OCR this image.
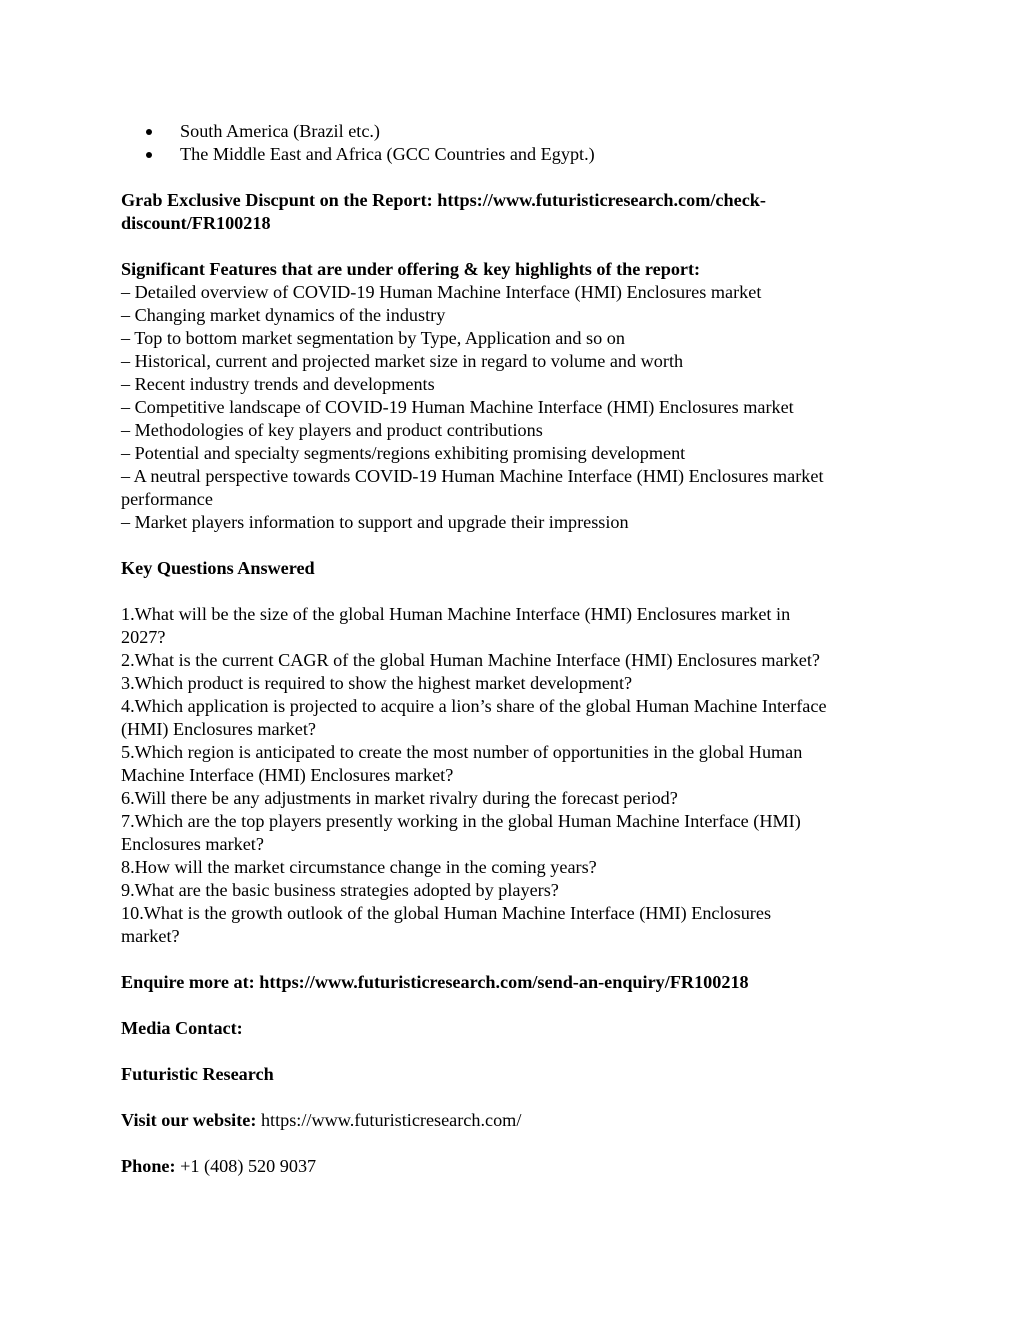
South America (Brazil etc.)
The Middle East and Africa (GCC Countries and Egypt.)

Grab Exclusive Discpunt on the Report: https://www.futuristicresearch.com/check-
discount/FR100218

Significant Features that are under offering & key highlights of the report:

– Detailed overview of COVID-19 Human Machine Interface (HMI) Enclosures market

– Changing market dynamics of the industry

– Top to bottom market segmentation by Type, Application and so on

– Historical, current and projected market size in regard to volume and worth

– Recent industry trends and developments

– Competitive landscape of COVID-19 Human Machine Interface (HMI) Enclosures market

– Methodologies of key players and product contributions

– Potential and specialty segments/regions exhibiting promising development

– A neutral perspective towards COVID-19 Human Machine Interface (HMI) Enclosures market

performance

– Market players information to support and upgrade their impression

Key Questions Answered

1.What will be the size of the global Human Machine Interface (HMI) Enclosures market in

2027?

2.What is the current CAGR of the global Human Machine Interface (HMI) Enclosures market?

3.Which product is required to show the highest market development?

4.Which application is projected to acquire a lion’s share of the global Human Machine Interface

(HMI) Enclosures market?

5.Which region is anticipated to create the most number of opportunities in the global Human

Machine Interface (HMI) Enclosures market?

6.Will there be any adjustments in market rivalry during the forecast period?

7.Which are the top players presently working in the global Human Machine Interface (HMI)

Enclosures market?

8.How will the market circumstance change in the coming years?

9.What are the basic business strategies adopted by players?

10.What is the growth outlook of the global Human Machine Interface (HMI) Enclosures

market?

Enquire more at: https://www.futuristicresearch.com/send-an-enquiry/FR100218

Media Contact:

Futuristic Research

Visit our website: https://www.futuristicresearch.com/

Phone: +1 (408) 520 9037
